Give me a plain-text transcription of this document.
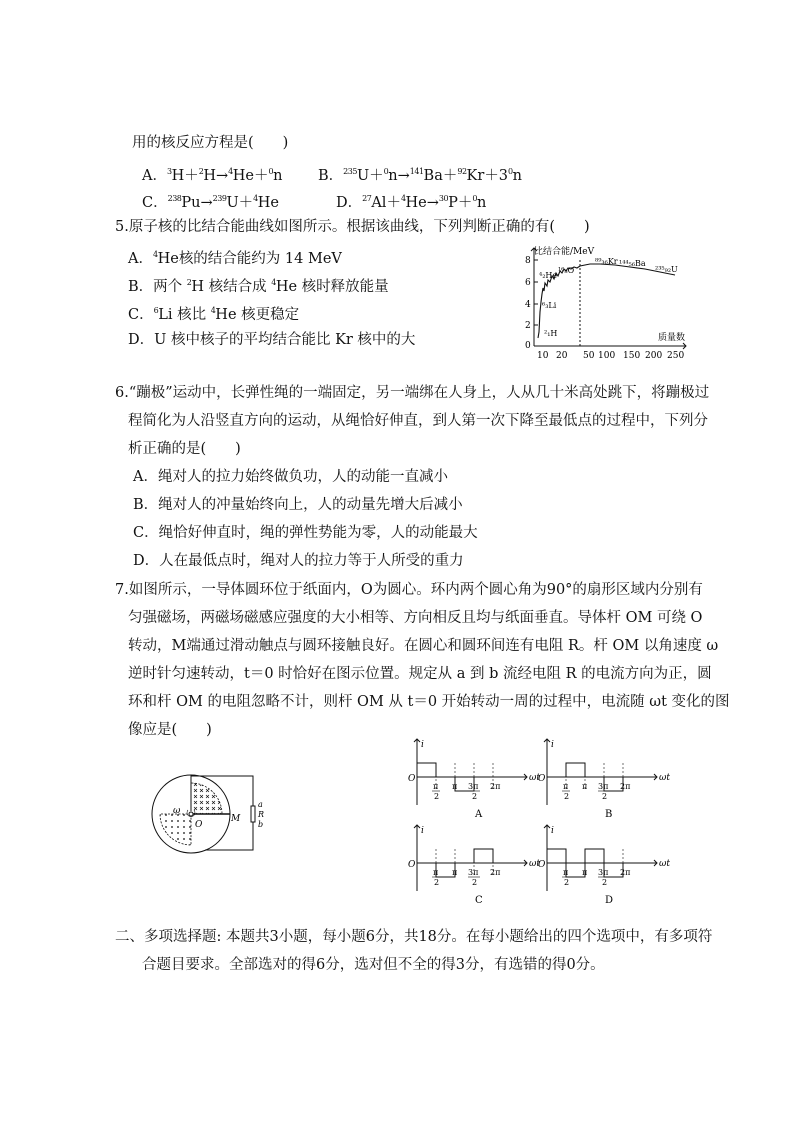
用的核反应方程是(　　)
A．$^3$H＋$^2$H→$^4$He＋$^0$n B．$^{235}U+^0n\to^{141}Ba+^{92}Kr+3^0n$
C．$^{238}$Pu→$^{239}$U＋$^4$He	D．$^{27}$Al＋$^4$He→$^{30}$P＋$^0$n
5.原子核的比结合能曲线如图所示。根据该曲线，下列判断正确的有(　　)
A．$^4$He核的结合能约为 14 MeV
B．两个 $^2$H 核结合成 $^4$He 核时释放能量
C．$^6$Li 核比 $^4$He 核更稳定
D．U 核中核子的平均结合能比 Kr 核中的大
比结合能/MeV
8
6
4
2
0
10 20 50 100 150 200 250
质量数
⁴₂He
¹⁶₈O
⁶₃Li
²₁H
⁸⁹₃₆Kr ¹⁴⁴₅₆Ba
²³⁵₉₂U
6.“蹦极”运动中，长弹性绳的一端固定，另一端绑在人身上，人从几十米高处跳下，将蹦极过
程简化为人沿竖直方向的运动，从绳恰好伸直，到人第一次下降至最低点的过程中，下列分
析正确的是(　　)
A．绳对人的拉力始终做负功，人的动能一直减小
B．绳对人的冲量始终向上，人的动量先增大后减小
C．绳恰好伸直时，绳的弹性势能为零，人的动能最大
D．人在最低点时，绳对人的拉力等于人所受的重力
7.如图所示，一导体圆环位于纸面内，O为圆心。环内两个圆心角为90°的扇形区域内分别有
匀强磁场，两磁场磁感应强度的大小相等、方向相反且均与纸面垂直。导体杆 OM 可绕 O
转动，M端通过滑动触点与圆环接触良好。在圆心和圆环间连有电阻 R。杆 OM 以角速度 ω
逆时针匀速转动，t＝0 时恰好在图示位置。规定从 a 到 b 流经电阻 R 的电流方向为正，圆
环和杆 OM 的电阻忽略不计，则杆 OM 从 t＝0 开始转动一周的过程中，电流随 ωt 变化的图
像应是(　　)
ω
O
M
a
R
b
i
O	ωt
π
2
π 3π
2
2π
A
i
O	ωt
π
2
π 3π
2
2π
B
i
O	ωt
π
2
π 3π
2
2π
C
i
O	ωt
π
2
π 3π
2
2π
D
二、多项选择题: 本题共3小题，每小题6分，共18分。在每小题给出的四个选项中，有多项符
合题目要求。全部选对的得6分，选对但不全的得3分，有选错的得0分。
